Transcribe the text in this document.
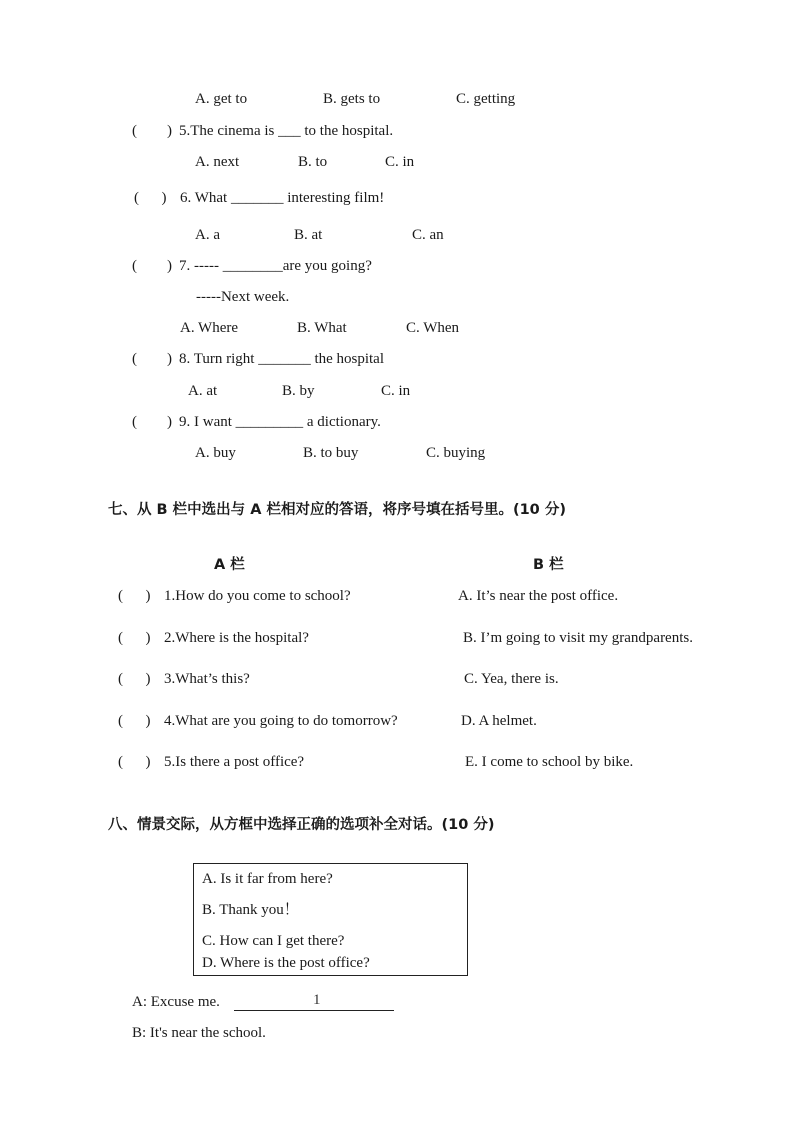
A. get to	B. gets to	C. getting
(        ) 5.The cinema is ___ to the hospital.
A. next	B. to	C. in
(      ) 6. What _______ interesting film!
A. a	B. at	C. an
(        ) 7. ----- ________are you going?
-----Next week.
A. Where	B. What	C. When
(        ) 8. Turn right _______ the hospital
A. at	B. by	C. in
(        ) 9. I want _________ a dictionary.
A. buy	B. to buy	C. buying
七、从 B 栏中选出与 A 栏相对应的答语，将序号填在括号里。(10 分)
A 栏	B 栏
(      ) 1.How do you come to school?	A. It’s near the post office.
(      ) 2.Where is the hospital?	B. I’m going to visit my grandparents.
(      ) 3.What’s this?	C. Yea, there is.
(      ) 4.What are you going to do tomorrow?	D. A helmet.
(      ) 5.Is there a post office?	E. I come to school by bike.
八、情景交际，从方框中选择正确的选项补全对话。(10 分)
A. Is it far from here?
B. Thank you！
C. How can I get there?
D. Where is the post office?
A: Excuse me.	1
B: It's near the school.
